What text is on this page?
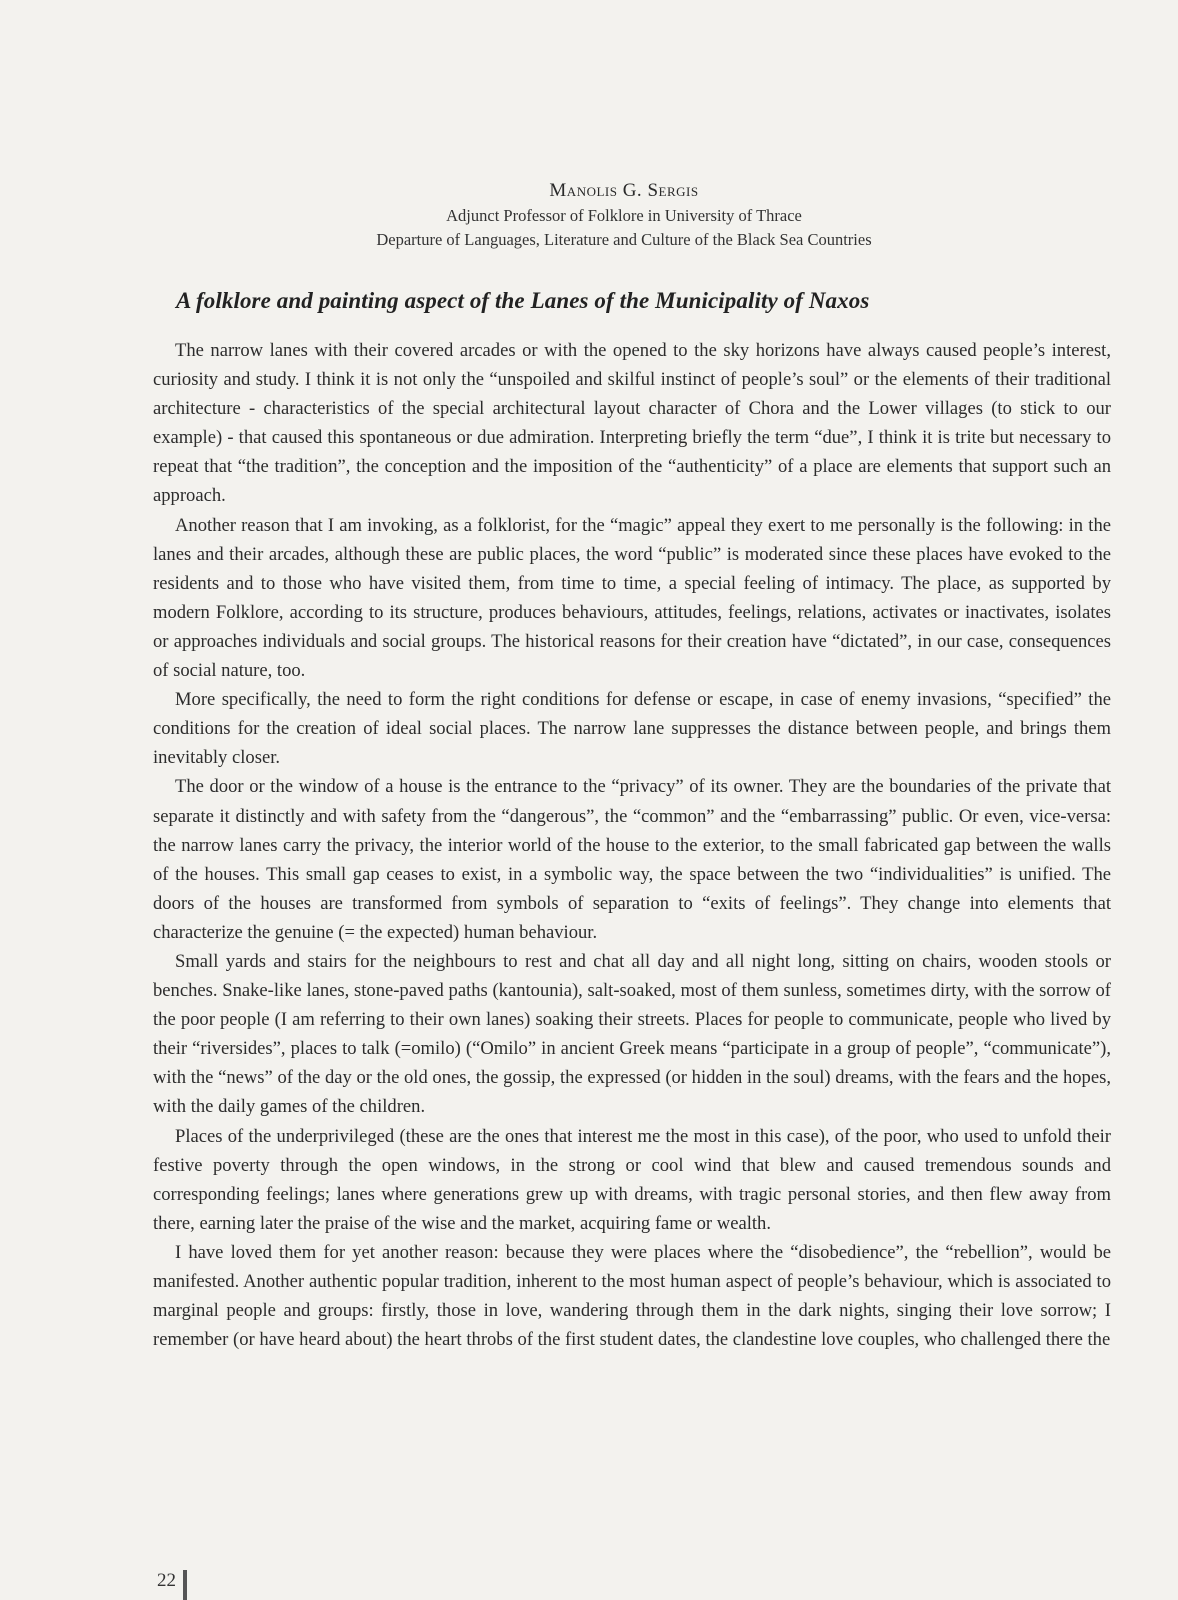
Manolis G. Sergis
Adjunct Professor of Folklore in University of Thrace
Departure of Languages, Literature and Culture of the Black Sea Countries
A folklore and painting aspect of the Lanes of the Municipality of Naxos

The narrow lanes with their covered arcades or with the opened to the sky horizons have always caused people’s interest, curiosity and study. I think it is not only the “unspoiled and skilful instinct of people’s soul” or the elements of their traditional architecture - characteristics of the special architectural layout character of Chora and the Lower villages (to stick to our example) - that caused this spontaneous or due admiration. Interpreting briefly the term “due”, I think it is trite but necessary to repeat that “the tradition”, the conception and the imposition of the “authenticity” of a place are elements that support such an approach.

Another reason that I am invoking, as a folklorist, for the “magic” appeal they exert to me personally is the following: in the lanes and their arcades, although these are public places, the word “public” is moderated since these places have evoked to the residents and to those who have visited them, from time to time, a special feeling of intimacy. The place, as supported by modern Folklore, according to its structure, produces behaviours, attitudes, feelings, relations, activates or inactivates, isolates or approaches individuals and social groups. The historical reasons for their creation have “dictated”, in our case, consequences of social nature, too.

More specifically, the need to form the right conditions for defense or escape, in case of enemy invasions, “specified” the conditions for the creation of ideal social places. The narrow lane suppresses the distance between people, and brings them inevitably closer.

The door or the window of a house is the entrance to the “privacy” of its owner. They are the boundaries of the private that separate it distinctly and with safety from the “dangerous”, the “common” and the “embarrassing” public. Or even, vice-versa: the narrow lanes carry the privacy, the interior world of the house to the exterior, to the small fabricated gap between the walls of the houses. This small gap ceases to exist, in a symbolic way, the space between the two “individualities” is unified. The doors of the houses are transformed from symbols of separation to “exits of feelings”. They change into elements that characterize the genuine (= the expected) human behaviour.

Small yards and stairs for the neighbours to rest and chat all day and all night long, sitting on chairs, wooden stools or benches. Snake-like lanes, stone-paved paths (kantounia), salt-soaked, most of them sunless, sometimes dirty, with the sorrow of the poor people (I am referring to their own lanes) soaking their streets. Places for people to communicate, people who lived by their “riversides”, places to talk (=omilo) (“Omilo” in ancient Greek means “participate in a group of people”, “communicate”), with the “news” of the day or the old ones, the gossip, the expressed (or hidden in the soul) dreams, with the fears and the hopes, with the daily games of the children.

Places of the underprivileged (these are the ones that interest me the most in this case), of the poor, who used to unfold their festive poverty through the open windows, in the strong or cool wind that blew and caused tremendous sounds and corresponding feelings; lanes where generations grew up with dreams, with tragic personal stories, and then flew away from there, earning later the praise of the wise and the market, acquiring fame or wealth.

I have loved them for yet another reason: because they were places where the “disobedience”, the “rebellion”, would be manifested. Another authentic popular tradition, inherent to the most human aspect of people’s behaviour, which is associated to marginal people and groups: firstly, those in love, wandering through them in the dark nights, singing their love sorrow; I remember (or have heard about) the heart throbs of the first student dates, the clandestine love couples, who challenged there the

22
